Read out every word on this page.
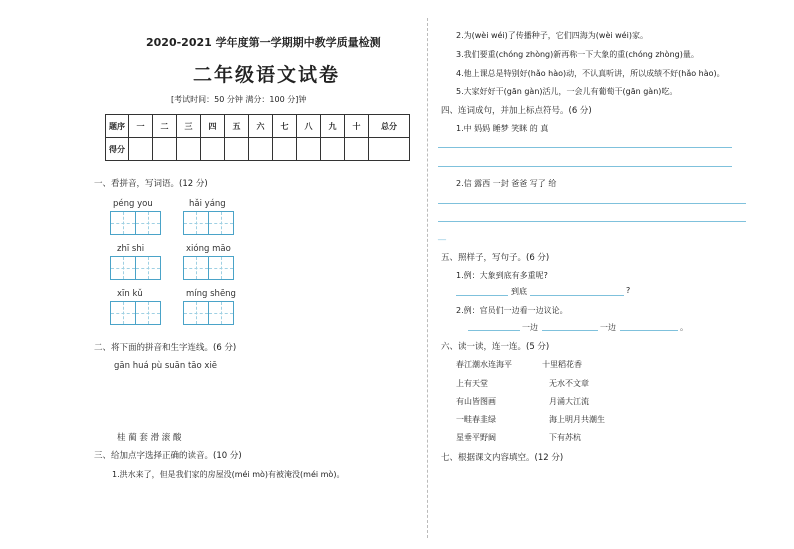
2020-2021 学年度第一学期期中教学质量检测
二年级语文试卷
[考试时间：50 分钟 满分：100 分]钟
题序	一	二	三	四	五	六	七	八	九	十	总分
得分											
一、看拼音，写词语。(12 分)
péng you	hǎi yáng
zhī shi	xióng māo
xīn kǔ	míng shēng
二、将下面的拼音和生字连线。(6 分)
gān huá pù suān tāo xiē
桂 蔺 套 滑 滚 酸
三、给加点字选择正确的读音。(10 分)
1.洪水来了，但是我们家的房屋没(méi mò)有被淹没(méi mò)。
2.为(wèi wéi)了传播种子，它们四海为(wèi wéi)家。
3.我们要重(chóng zhòng)新再称一下大象的重(chóng zhòng)量。
4.他上课总是特别好(hǎo hào)动，不认真听讲，所以成绩不好(hǎo hào)。
5.大家好好干(gān gàn)活儿，一会儿有葡萄干(gān gàn)吃。
四、连词成句，并加上标点符号。(6 分)
1.中 妈妈 睡梦 笑眯 的 真
2.信 露西 一封 爸爸 写了 给
__
五、照样子，写句子。(6 分)
1.例：大象到底有多重呢?
到底	?
2.例：官员们一边看一边议论。
一边	一边	。
六、读一读，连一连。(5 分)
春江潮水连海平
上有天堂
有山皆图画
一畦春韭绿
星垂平野阔
十里稻花香
无水不文章
月涌大江流
海上明月共潮生
下有苏杭
七、根据课文内容填空。(12 分)
